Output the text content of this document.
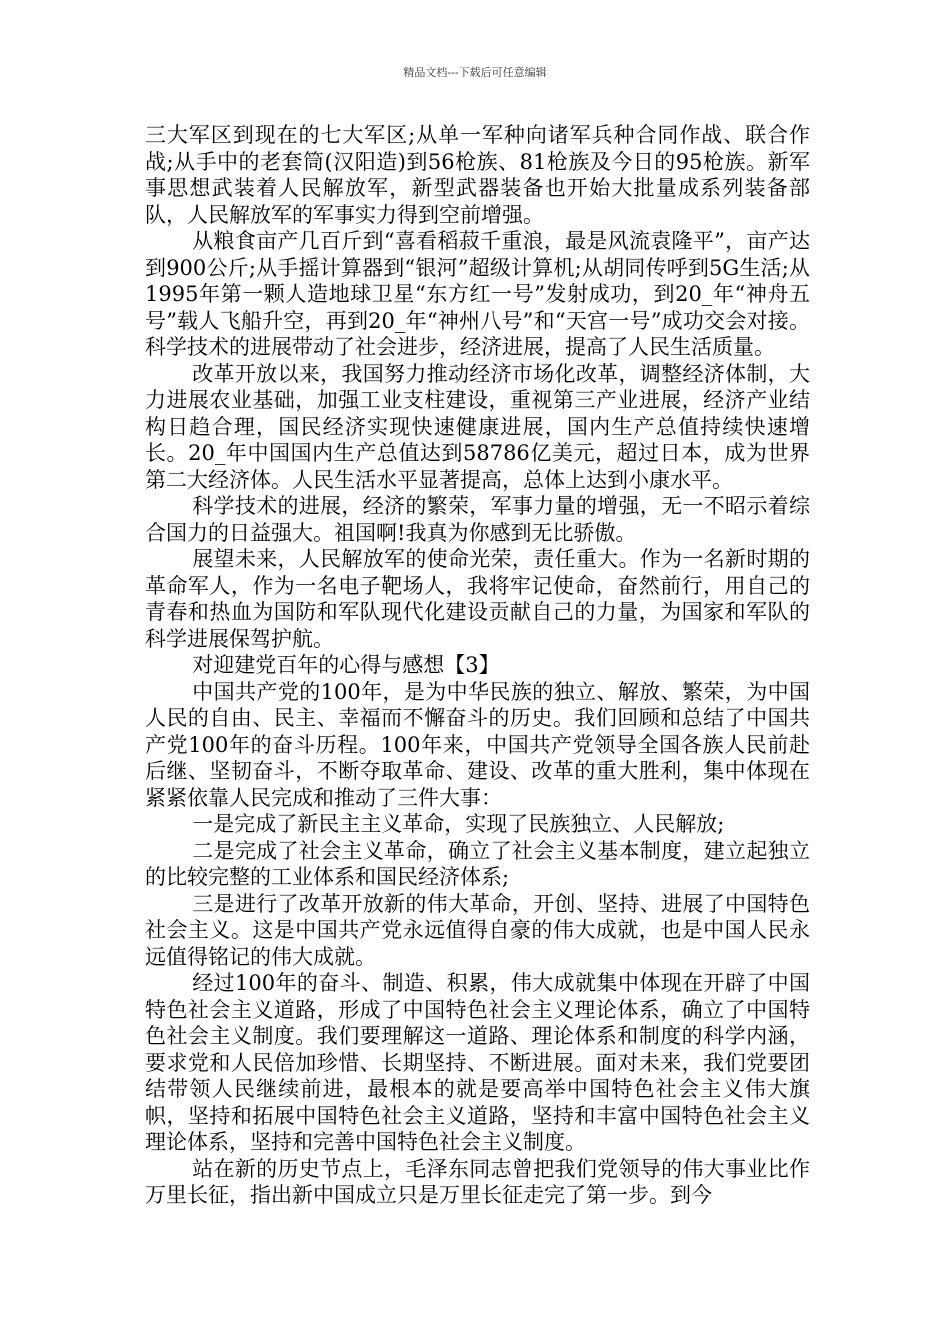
精品文档---下载后可任意编辑

三大军区到现在的七大军区;从单一军种向诸军兵种合同作战、联合作战;从手中的老套筒(汉阳造)到56枪族、81枪族及今日的95枪族。新军事思想武装着人民解放军，新型武器装备也开始大批量成系列装备部队，人民解放军的军事实力得到空前增强。

从粮食亩产几百斤到“喜看稻菽千重浪，最是风流袁隆平”，亩产达到900公斤;从手摇计算器到“银河”超级计算机;从胡同传呼到5G生活;从1995年第一颗人造地球卫星“东方红一号”发射成功，到20_年“神舟五号”载人飞船升空，再到20_年“神州八号”和“天宫一号”成功交会对接。科学技术的进展带动了社会进步，经济进展，提高了人民生活质量。

改革开放以来，我国努力推动经济市场化改革，调整经济体制，大力进展农业基础，加强工业支柱建设，重视第三产业进展，经济产业结构日趋合理，国民经济实现快速健康进展，国内生产总值持续快速增长。20_年中国国内生产总值达到58786亿美元，超过日本，成为世界第二大经济体。人民生活水平显著提高，总体上达到小康水平。

科学技术的进展，经济的繁荣，军事力量的增强，无一不昭示着综合国力的日益强大。祖国啊!我真为你感到无比骄傲。

展望未来，人民解放军的使命光荣，责任重大。作为一名新时期的革命军人，作为一名电子靶场人，我将牢记使命，奋然前行，用自己的青春和热血为国防和军队现代化建设贡献自己的力量，为国家和军队的科学进展保驾护航。

对迎建党百年的心得与感想【3】

中国共产党的100年，是为中华民族的独立、解放、繁荣，为中国人民的自由、民主、幸福而不懈奋斗的历史。我们回顾和总结了中国共产党100年的奋斗历程。100年来，中国共产党领导全国各族人民前赴后继、坚韧奋斗，不断夺取革命、建设、改革的重大胜利，集中体现在紧紧依靠人民完成和推动了三件大事：

一是完成了新民主主义革命，实现了民族独立、人民解放;

二是完成了社会主义革命，确立了社会主义基本制度，建立起独立的比较完整的工业体系和国民经济体系;

三是进行了改革开放新的伟大革命，开创、坚持、进展了中国特色社会主义。这是中国共产党永远值得自豪的伟大成就，也是中国人民永远值得铭记的伟大成就。

经过100年的奋斗、制造、积累，伟大成就集中体现在开辟了中国特色社会主义道路，形成了中国特色社会主义理论体系，确立了中国特色社会主义制度。我们要理解这一道路、理论体系和制度的科学内涵，要求党和人民倍加珍惜、长期坚持、不断进展。面对未来，我们党要团结带领人民继续前进，最根本的就是要高举中国特色社会主义伟大旗帜，坚持和拓展中国特色社会主义道路，坚持和丰富中国特色社会主义理论体系，坚持和完善中国特色社会主义制度。

站在新的历史节点上，毛泽东同志曾把我们党领导的伟大事业比作万里长征，指出新中国成立只是万里长征走完了第一步。到今
